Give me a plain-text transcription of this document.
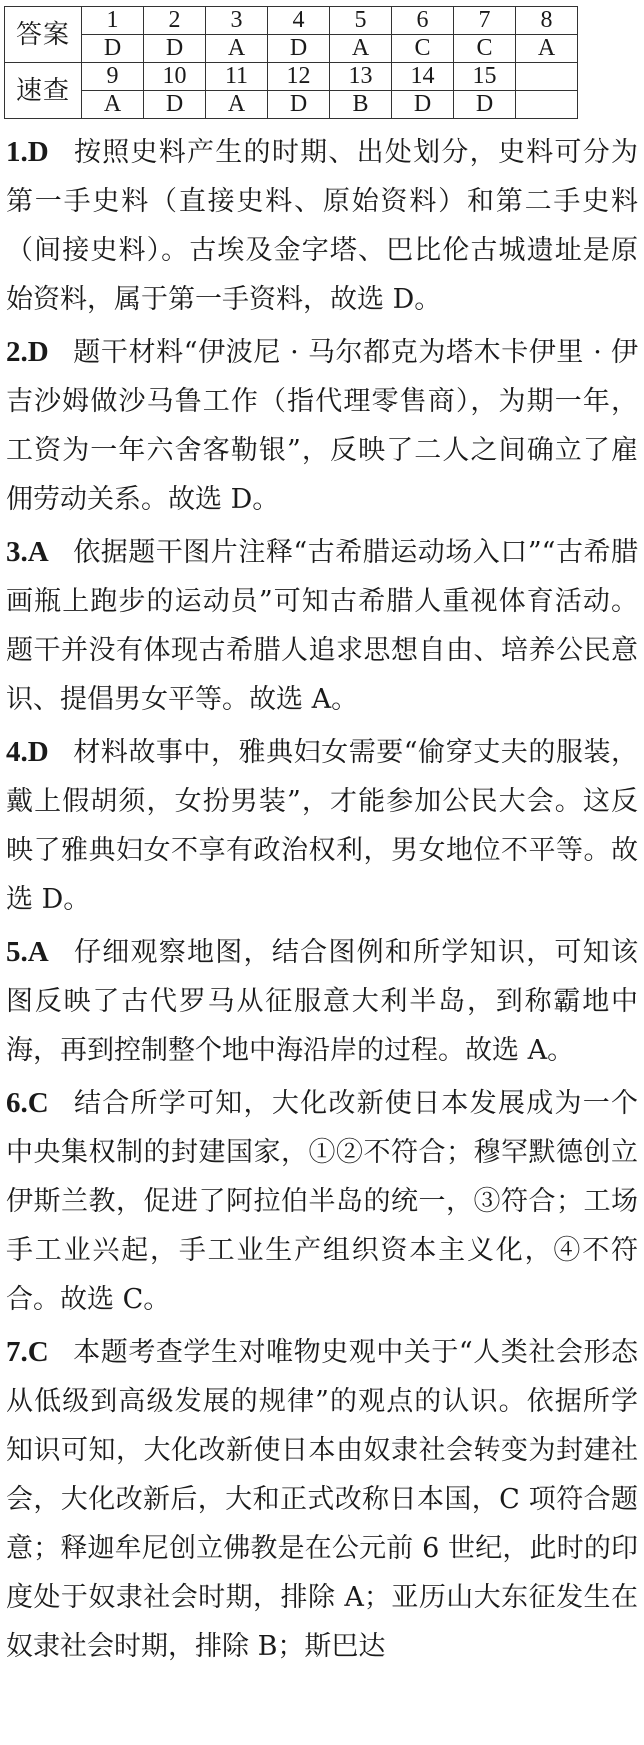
答案	1	2	3	4	5	6	7	8
	D	D	A	D	A	C	C	A
速查	9	10	11	12	13	14	15	
	A	D	A	D	B	D	D	

1.D 按照史料产生的时期、出处划分，史料可分为第一手史料（直接史料、原始资料）和第二手史料（间接史料）。古埃及金字塔、巴比伦古城遗址是原始资料，属于第一手资料，故选 D。

2.D 题干材料“伊波尼 · 马尔都克为塔木卡伊里 · 伊吉沙姆做沙马鲁工作（指代理零售商），为期一年，工资为一年六舍客勒银”，反映了二人之间确立了雇佣劳动关系。故选 D。

3.A 依据题干图片注释“古希腊运动场入口”“古希腊画瓶上跑步的运动员”可知古希腊人重视体育活动。题干并没有体现古希腊人追求思想自由、培养公民意识、提倡男女平等。故选 A。

4.D 材料故事中，雅典妇女需要“偷穿丈夫的服装，戴上假胡须，女扮男装”，才能参加公民大会。这反映了雅典妇女不享有政治权利，男女地位不平等。故选 D。

5.A 仔细观察地图，结合图例和所学知识，可知该图反映了古代罗马从征服意大利半岛，到称霸地中海，再到控制整个地中海沿岸的过程。故选 A。

6.C 结合所学可知，大化改新使日本发展成为一个中央集权制的封建国家，①②不符合；穆罕默德创立伊斯兰教，促进了阿拉伯半岛的统一，③符合；工场手工业兴起，手工业生产组织资本主义化，④不符合。故选 C。

7.C 本题考查学生对唯物史观中关于“人类社会形态从低级到高级发展的规律”的观点的认识。依据所学知识可知，大化改新使日本由奴隶社会转变为封建社会，大化改新后，大和正式改称日本国，C 项符合题意；释迦牟尼创立佛教是在公元前 6 世纪，此时的印度处于奴隶社会时期，排除 A；亚历山大东征发生在奴隶社会时期，排除 B；斯巴达
